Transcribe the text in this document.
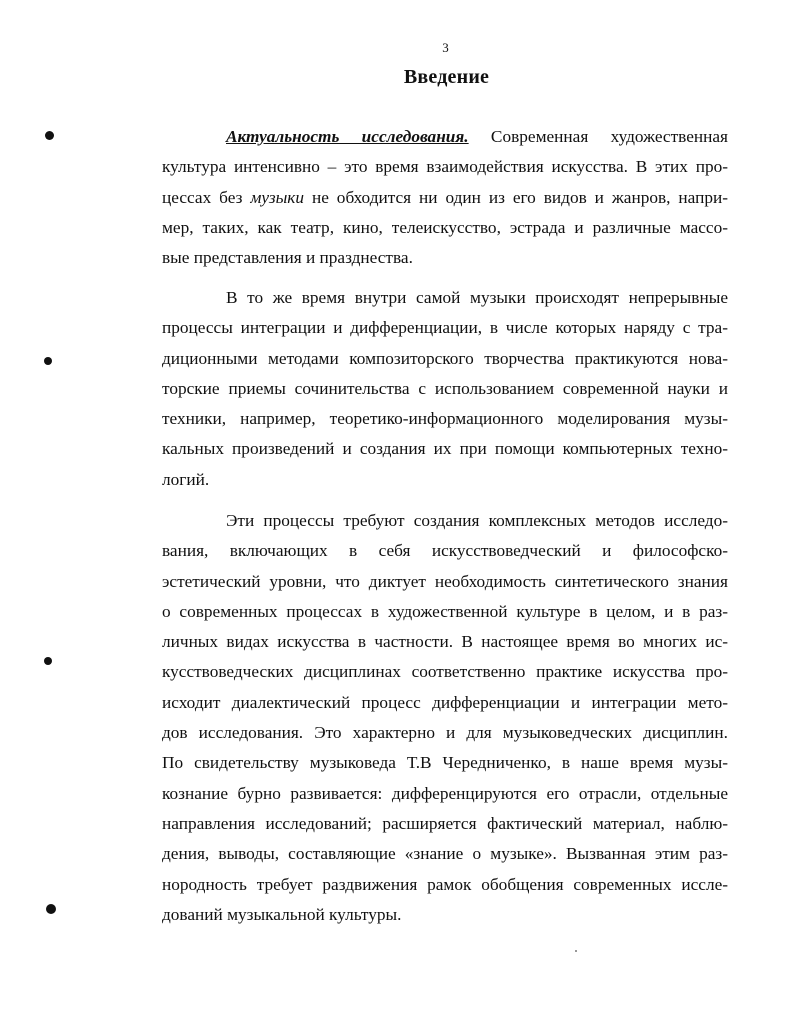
3
Введение
Актуальность исследования. Современная художественная
культура интенсивно – это время взаимодействия искусства. В этих про-
цессах без музыки не обходится ни один из его видов и жанров, напри-
мер, таких, как театр, кино, телеискусство, эстрада и различные массо-
вые представления и празднества.
В то же время внутри самой музыки происходят непрерывные
процессы интеграции и дифференциации, в числе которых наряду с тра-
диционными методами композиторского творчества практикуются нова-
торские приемы сочинительства с использованием современной науки и
техники, например, теоретико-информационного моделирования музы-
кальных произведений и создания их при помощи компьютерных техно-
логий.
Эти процессы требуют создания комплексных методов исследо-
вания, включающих в себя искусствоведческий и философско-
эстетический уровни, что диктует необходимость синтетического знания
о современных процессах в художественной культуре в целом, и в раз-
личных видах искусства в частности. В настоящее время во многих ис-
кусствоведческих дисциплинах соответственно практике искусства про-
исходит диалектический процесс дифференциации и интеграции мето-
дов исследования. Это характерно и для музыковедческих дисциплин.
По свидетельству музыковеда Т.В Чередниченко, в наше время музы-
кознание бурно развивается: дифференцируются его отрасли, отдельные
направления исследований; расширяется фактический материал, наблю-
дения, выводы, составляющие «знание о музыке». Вызванная этим раз-
нородность требует раздвижения рамок обобщения современных иссле-
дований музыкальной культуры.
